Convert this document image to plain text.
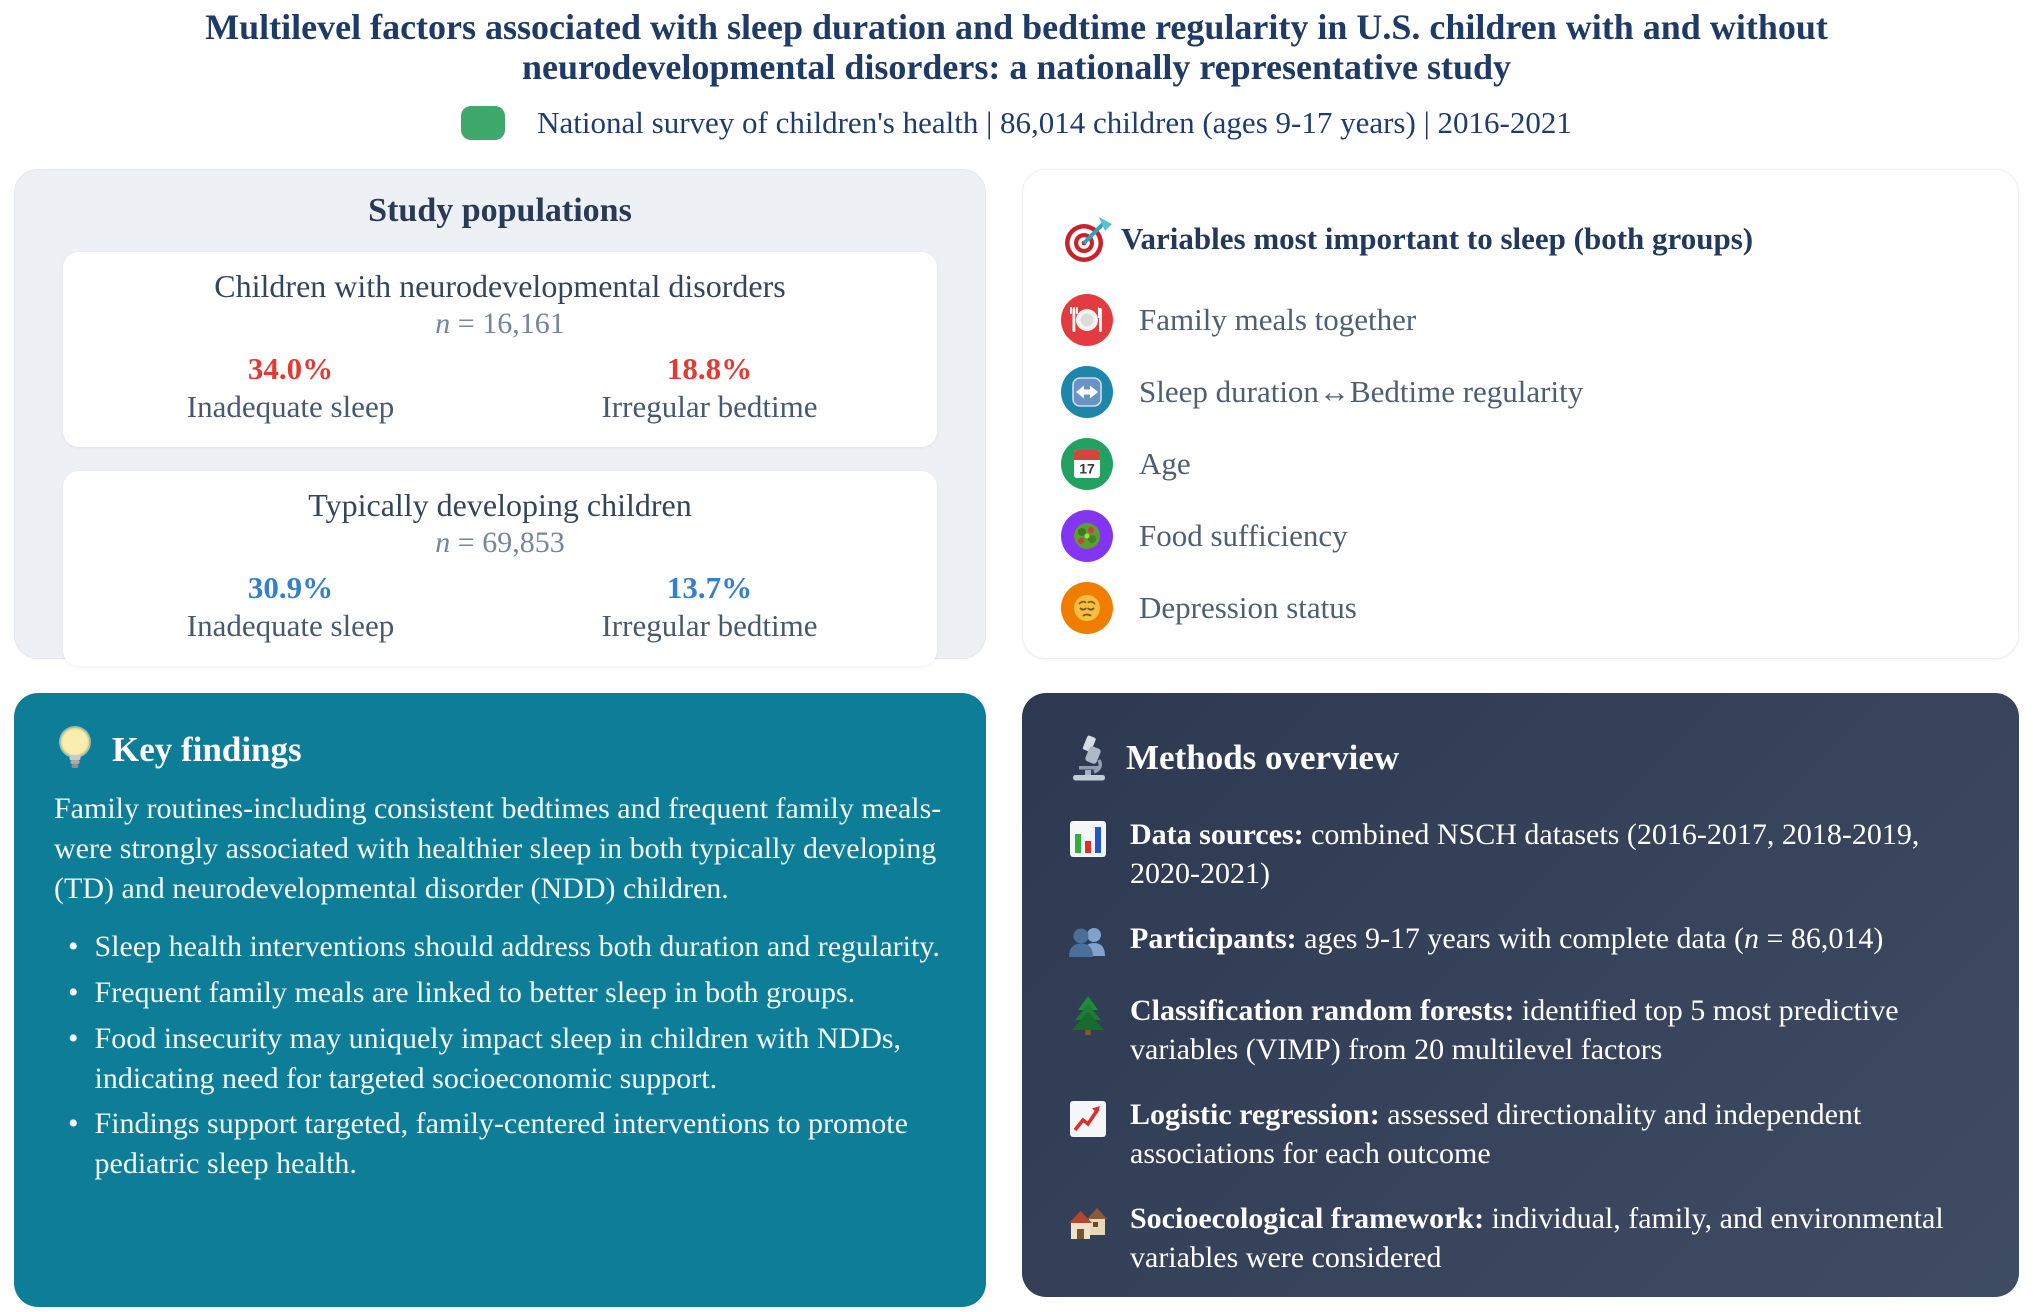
Multilevel factors associated with sleep duration and bedtime regularity in U.S. children with and without
neurodevelopmental disorders: a nationally representative study
National survey of children's health | 86,014 children (ages 9-17 years) | 2016-2021
Study populations
Children with neurodevelopmental disorders
n = 16,161
34.0%
Inadequate sleep
18.8%
Irregular bedtime
Typically developing children
n = 69,853
30.9%
Inadequate sleep
13.7%
Irregular bedtime
Variables most important to sleep (both groups)
Family meals together
Sleep duration↔Bedtime regularity
17 Age
Food sufficiency
Depression status
Key findings
Family routines-including consistent bedtimes and frequent family meals-were strongly associated with healthier sleep in both typically developing (TD) and neurodevelopmental disorder (NDD) children.
• Sleep health interventions should address both duration and regularity.
• Frequent family meals are linked to better sleep in both groups.
• Food insecurity may uniquely impact sleep in children with NDDs, indicating need for targeted socioeconomic support.
• Findings support targeted, family-centered interventions to promote pediatric sleep health.
Methods overview
Data sources: combined NSCH datasets (2016-2017, 2018-2019, 2020-2021)
Participants: ages 9-17 years with complete data (n = 86,014)
Classification random forests: identified top 5 most predictive variables (VIMP) from 20 multilevel factors
Logistic regression: assessed directionality and independent associations for each outcome
Socioecological framework: individual, family, and environmental variables were considered
